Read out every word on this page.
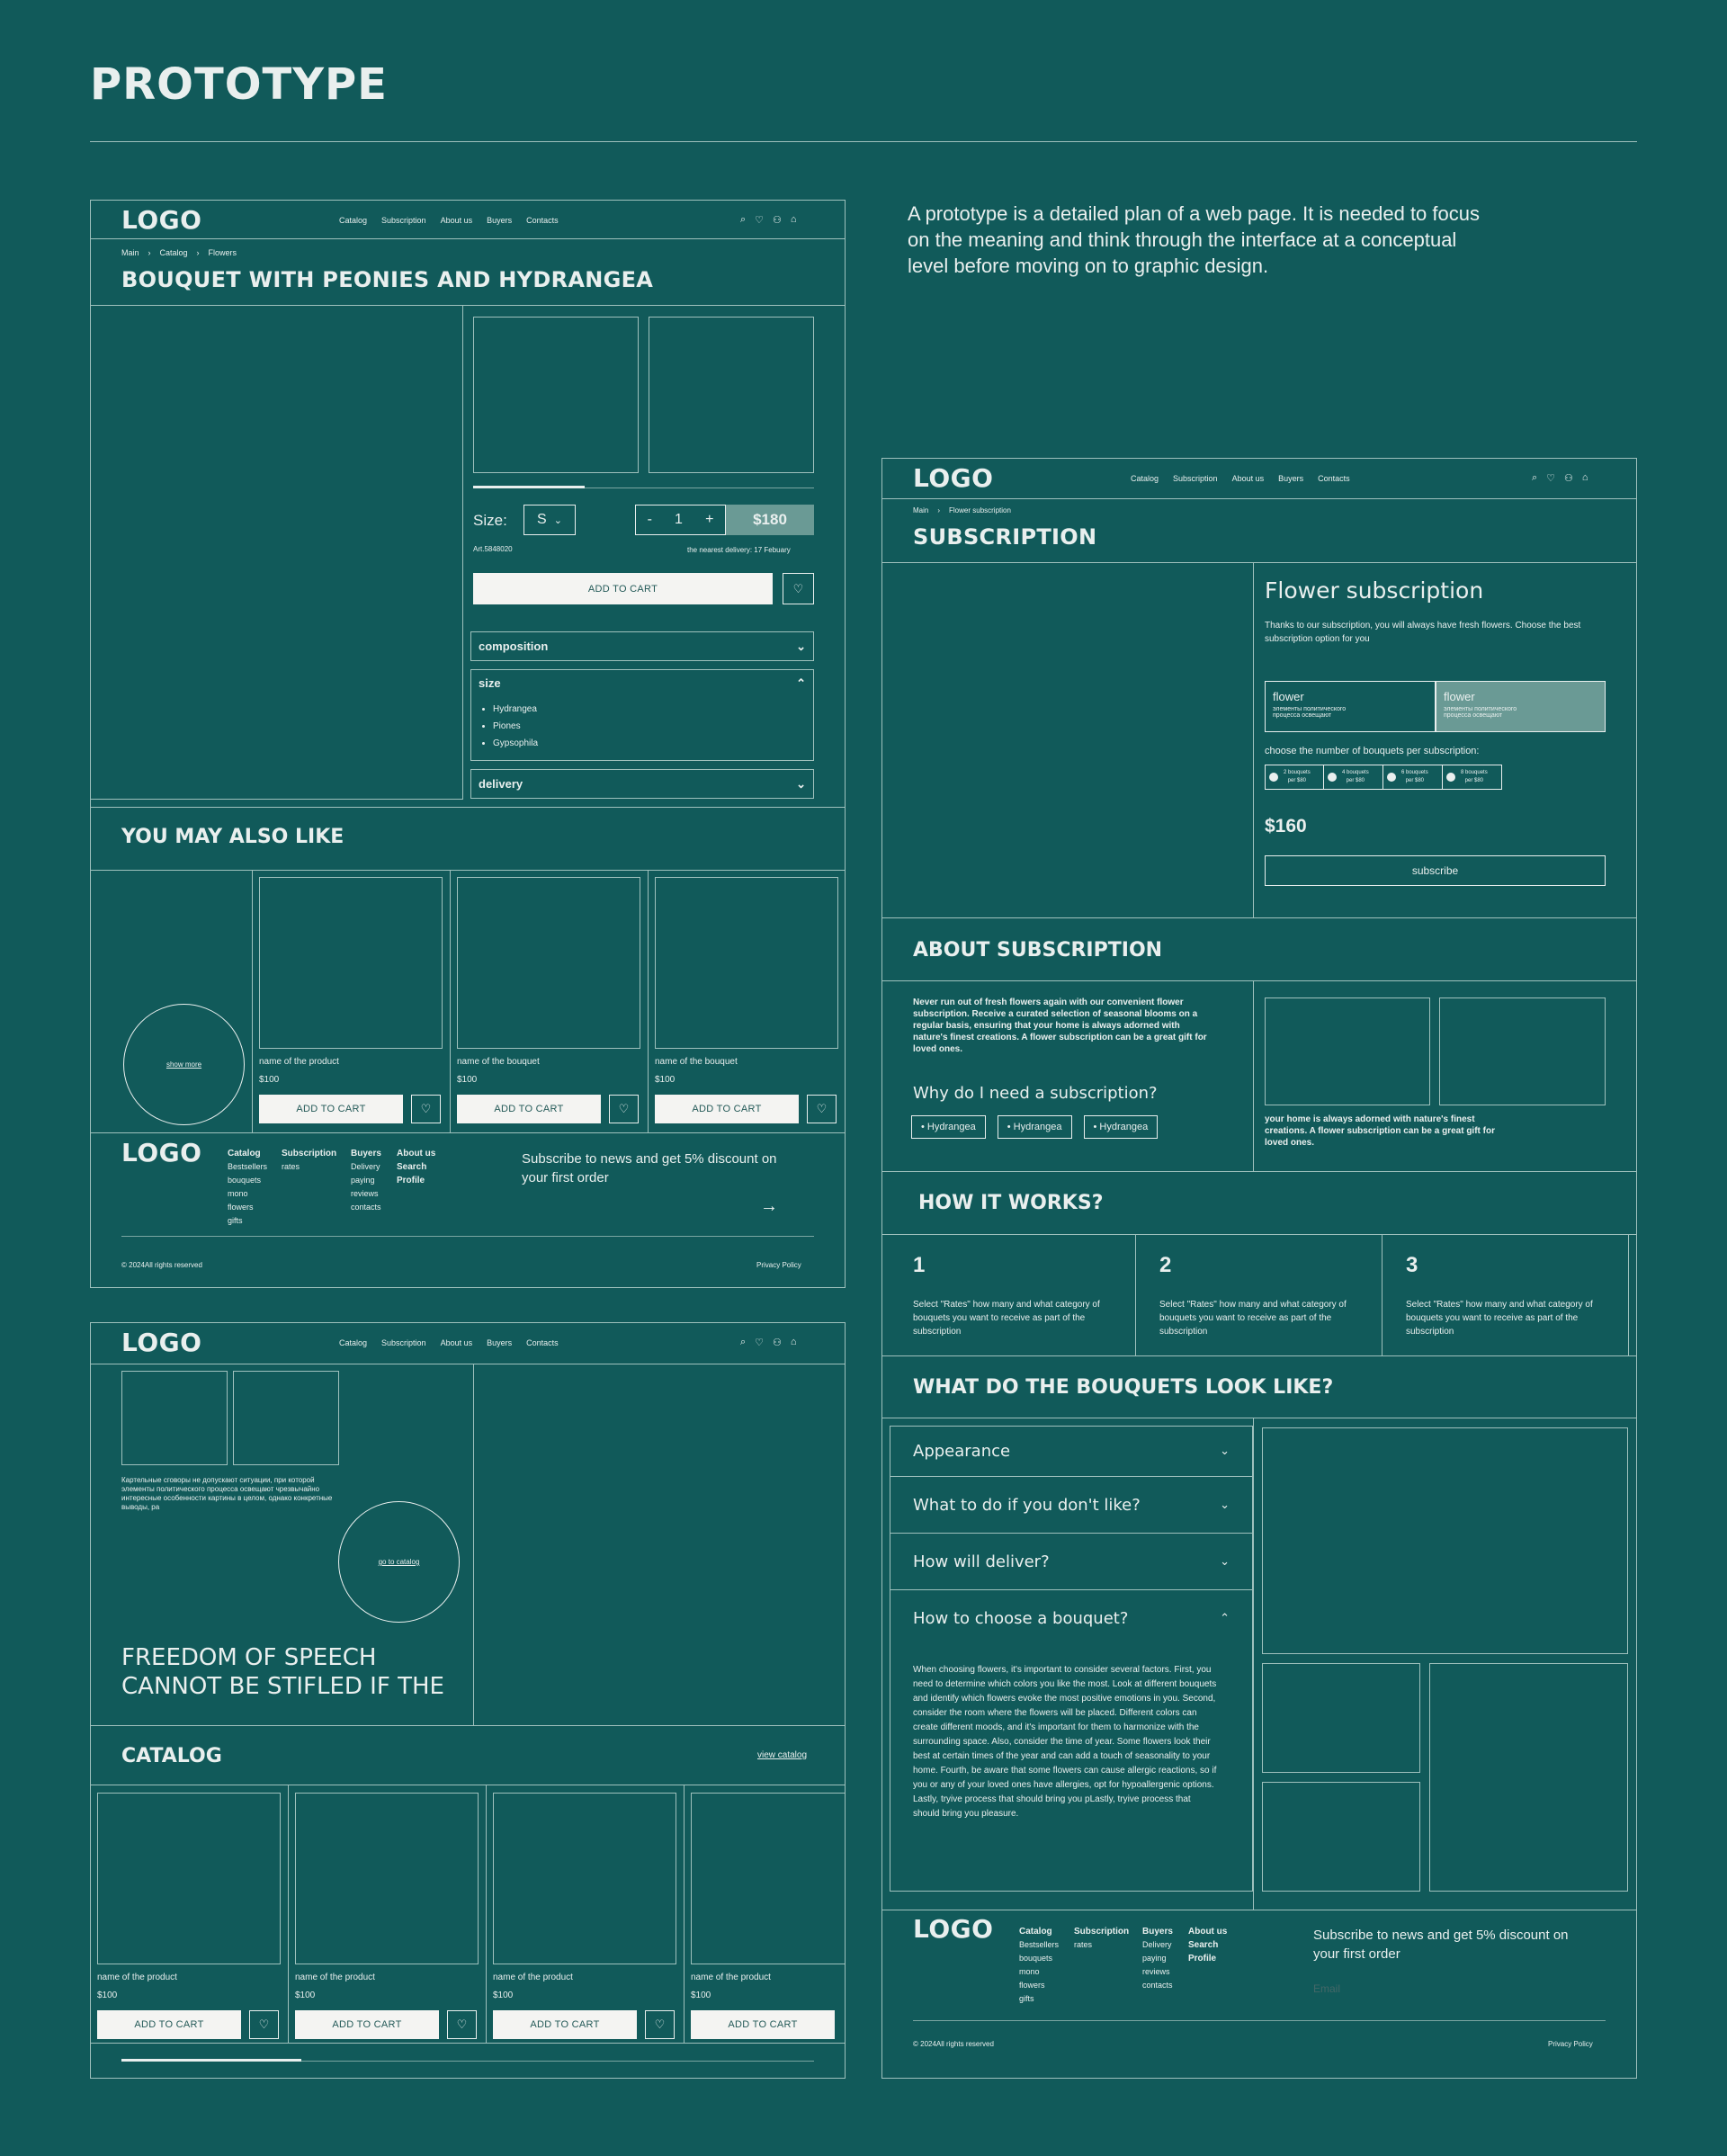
PROTOTYPE
A prototype is a detailed plan of a web page. It is needed to focus on the meaning and think through the interface at a conceptual level before moving on to graphic design.
LOGO	Catalog Subscription About us Buyers Contacts	⌕ ♡ ⚇ ⌂
Main › Catalog › Flowers
BOUQUET WITH PEONIES AND HYDRANGEA
Size: S ⌄	- 1 +	$180
Art.5848020	the nearest delivery: 17 Febuary
ADD TO CART	♡
composition	⌄
size	⌃
• Hydrangea
• Piones
• Gypsophila
delivery	⌄
YOU MAY ALSO LIKE
show more	name of the product
$100
ADD TO CART	♡
name of the bouquet
$100
ADD TO CART	♡
name of the bouquet
$100
ADD TO CART	♡
LOGO	Catalog
Bestsellers
bouquets
mono
flowers
gifts
Subscription
rates
Buyers
Delivery
paying
reviews
contacts
About us
Search
Profile
Subscribe to news and get 5% discount on your first order
→
© 2024All rights reserved	Privacy Policy
LOGO	Catalog Subscription About us Buyers Contacts	⌕ ♡ ⚇ ⌂
Картельные сговоры не допускают ситуации, при которой элементы политического процесса освещают чрезвычайно интересные особенности картины в целом, однако конкретные выводы, ра
go to catalog
FREEDOM OF SPEECH CANNOT BE STIFLED IF THE
CATALOG	view catalog
name of the product
$100
ADD TO CART	♡
name of the product
$100
ADD TO CART	♡
name of the product
$100
ADD TO CART	♡
name of the product
$100
ADD TO CART
LOGO	Catalog Subscription About us Buyers Contacts	⌕ ♡ ⚇ ⌂
Main › Flower subscription
SUBSCRIPTION
Flower subscription
Thanks to our subscription, you will always have fresh flowers. Choose the best subscription option for you
flower
элементы политического процесса освещают
flower
элементы политического процесса освещают
choose the number of bouquets per subscription:
2 bouquets
per $80
4 bouquets
per $80
6 bouquets
per $80
8 bouquets
per $80
$160
subscribe
ABOUT SUBSCRIPTION
Never run out of fresh flowers again with our convenient flower subscription. Receive a curated selection of seasonal blooms on a regular basis, ensuring that your home is always adorned with nature's finest creations. A flower subscription can be a great gift for loved ones.
Why do I need a subscription?
• Hydrangea	• Hydrangea	• Hydrangea
your home is always adorned with nature's finest creations. A flower subscription can be a great gift for loved ones.
HOW IT WORKS?
1
Select "Rates" how many and what category of bouquets you want to receive as part of the subscription
2
Select "Rates" how many and what category of bouquets you want to receive as part of the subscription
3
Select "Rates" how many and what category of bouquets you want to receive as part of the subscription
WHAT DO THE BOUQUETS LOOK LIKE?
Appearance	⌄
What to do if you don't like?	⌄
How will deliver?	⌄
How to choose a bouquet?	⌃
When choosing flowers, it's important to consider several factors. First, you need to determine which colors you like the most. Look at different bouquets and identify which flowers evoke the most positive emotions in you. Second, consider the room where the flowers will be placed. Different colors can create different moods, and it's important for them to harmonize with the surrounding space. Also, consider the time of year. Some flowers look their best at certain times of the year and can add a touch of seasonality to your home. Fourth, be aware that some flowers can cause allergic reactions, so if you or any of your loved ones have allergies, opt for hypoallergenic options. Lastly, tryive process that should bring you pLastly, tryive process that should bring you pleasure.
LOGO	Catalog
Bestsellers
bouquets
mono
flowers
gifts
Subscription
rates
Buyers
Delivery
paying
reviews
contacts
About us
Search
Profile
Subscribe to news and get 5% discount on your first order
Email
© 2024All rights reserved	Privacy Policy
